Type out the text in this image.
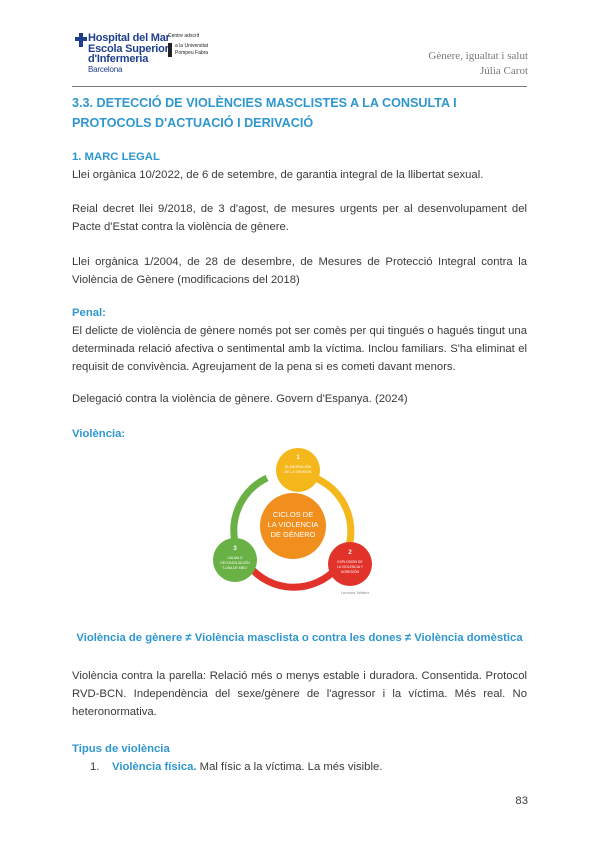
Hospital del Mar
Escola Superior
d'Infermeria
Barcelona
Centre adscrit
a la Universitat
Pompeu Fabra	Gènere, igualtat i salut
Júlia Carot
3.3. DETECCIÓ DE VIOLÈNCIES MASCLISTES A LA CONSULTA I PROTOCOLS D'ACTUACIÓ I DERIVACIÓ

1. MARC LEGAL
Llei orgànica 10/2022, de 6 de setembre, de garantia integral de la llibertat sexual.

Reial decret llei 9/2018, de 3 d'agost, de mesures urgents per al desenvolupament del Pacte d'Estat contra la violència de gènere.

Llei orgànica 1/2004, de 28 de desembre, de Mesures de Protecció Integral contra la Violència de Gènere (modificacions del 2018)

Penal:

El delicte de violència de gènere només pot ser comès per qui tingués o hagués tingut una determinada relació afectiva o sentimental amb la víctima. Inclou familiars. S'ha eliminat el requisit de convivència. Agreujament de la pena si es cometi davant menors.

Delegació contra la violència de gènere. Govern d'Espanya. (2024)

Violència:

CICLOS DE
LA VIOLENCIA
DE GÉNERO
1
ELABORACIÓN
DE LA TENSIÓN
2
EXPLOSIÓN DE
LA VIOLENCIA Y
AGRESIÓN
3
CALMA O
RECONCILIACIÓN
"LUNA DE MIEL"
Leonore Walker
Violència de gènere ≠ Violència masclista o contra les dones ≠ Violència domèstica

Violència contra la parella: Relació més o menys estable i duradora. Consentida. Protocol RVD-BCN. Independència del sexe/gènere de l'agressor i la víctima. Més real. No heteronormativa.

Tipus de violència

1. Violència física. Mal físic a la víctima. La més visible.
83
